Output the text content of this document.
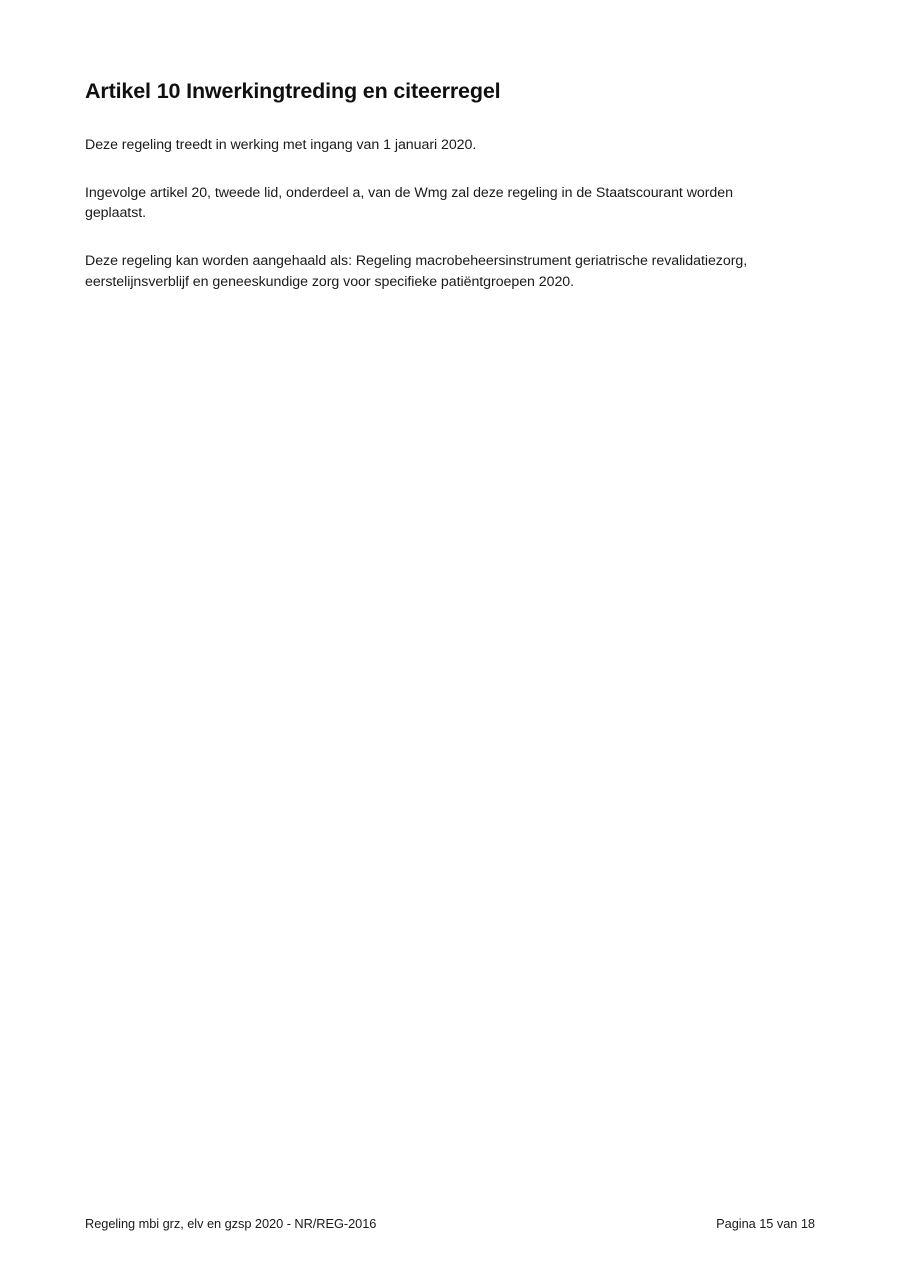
Artikel 10 Inwerkingtreding en citeerregel

Deze regeling treedt in werking met ingang van 1 januari 2020.

Ingevolge artikel 20, tweede lid, onderdeel a, van de Wmg zal deze regeling in de Staatscourant worden geplaatst.

Deze regeling kan worden aangehaald als: Regeling macrobeheersinstrument geriatrische revalidatiezorg, eerstelijnsverblijf en geneeskundige zorg voor specifieke patiëntgroepen 2020.

Regeling mbi grz, elv en gzsp 2020 - NR/REG-2016	Pagina 15 van 18
